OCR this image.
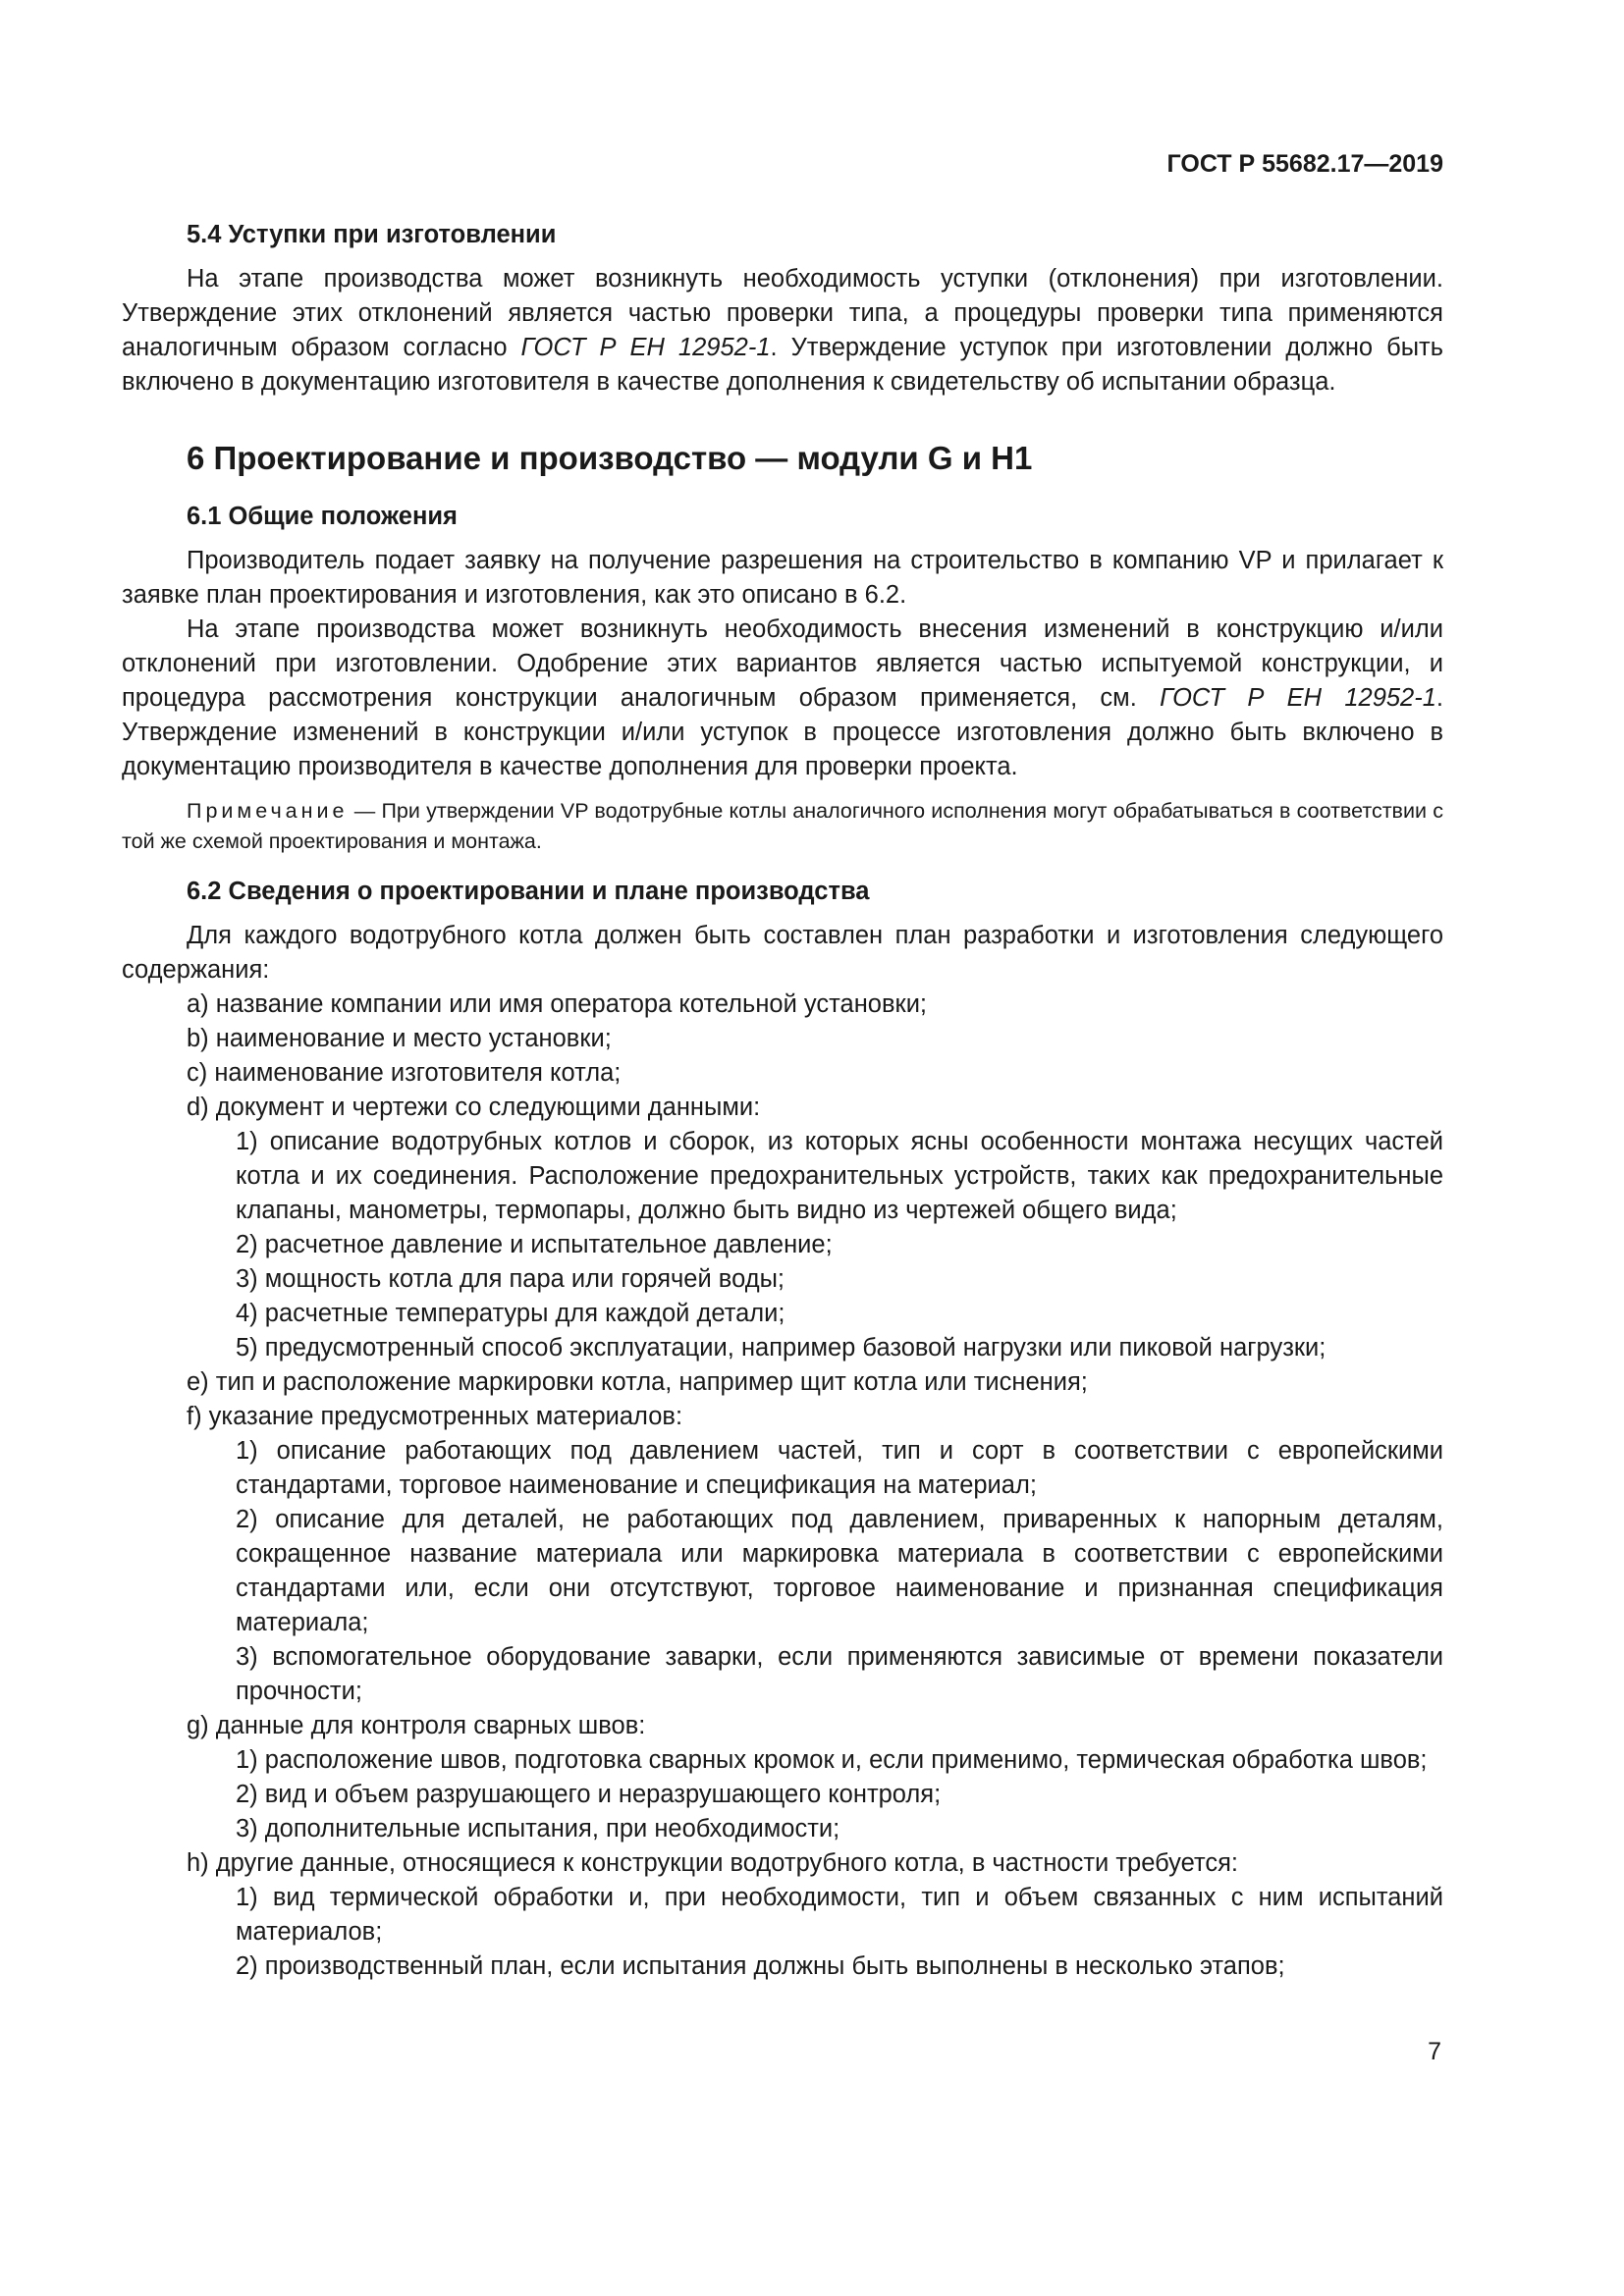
ГОСТ Р 55682.17—2019
5.4 Уступки при изготовлении

На этапе производства может возникнуть необходимость уступки (отклонения) при изготовлении. Утверждение этих отклонений является частью проверки типа, а процедуры проверки типа применяются аналогичным образом согласно ГОСТ Р ЕН 12952-1. Утверждение уступок при изготовлении должно быть включено в документацию изготовителя в качестве дополнения к свидетельству об испытании образца.

6 Проектирование и производство — модули G и H1
6.1 Общие положения

Производитель подает заявку на получение разрешения на строительство в компанию VP и прилагает к заявке план проектирования и изготовления, как это описано в 6.2.

На этапе производства может возникнуть необходимость внесения изменений в конструкцию и/или отклонений при изготовлении. Одобрение этих вариантов является частью испытуемой конструкции, и процедура рассмотрения конструкции аналогичным образом применяется, см. ГОСТ Р ЕН 12952-1. Утверждение изменений в конструкции и/или уступок в процессе изготовления должно быть включено в документацию производителя в качестве дополнения для проверки проекта.

Примечание — При утверждении VP водотрубные котлы аналогичного исполнения могут обрабатываться в соответствии с той же схемой проектирования и монтажа.

6.2 Сведения о проектировании и плане производства

Для каждого водотрубного котла должен быть составлен план разработки и изготовления следующего содержания:

a) название компании или имя оператора котельной установки;

b) наименование и место установки;

c) наименование изготовителя котла;

d) документ и чертежи со следующими данными:

1) описание водотрубных котлов и сборок, из которых ясны особенности монтажа несущих частей котла и их соединения. Расположение предохранительных устройств, таких как предохранительные клапаны, манометры, термопары, должно быть видно из чертежей общего вида;

2) расчетное давление и испытательное давление;

3) мощность котла для пара или горячей воды;

4) расчетные температуры для каждой детали;

5) предусмотренный способ эксплуатации, например базовой нагрузки или пиковой нагрузки;

e) тип и расположение маркировки котла, например щит котла или тиснения;

f) указание предусмотренных материалов:

1) описание работающих под давлением частей, тип и сорт в соответствии с европейскими стандартами, торговое наименование и спецификация на материал;

2) описание для деталей, не работающих под давлением, приваренных к напорным деталям, сокращенное название материала или маркировка материала в соответствии с европейскими стандартами или, если они отсутствуют, торговое наименование и признанная спецификация материала;

3) вспомогательное оборудование заварки, если применяются зависимые от времени показатели прочности;

g) данные для контроля сварных швов:

1) расположение швов, подготовка сварных кромок и, если применимо, термическая обработка швов;

2) вид и объем разрушающего и неразрушающего контроля;

3) дополнительные испытания, при необходимости;

h) другие данные, относящиеся к конструкции водотрубного котла, в частности требуется:

1) вид термической обработки и, при необходимости, тип и объем связанных с ним испытаний материалов;

2) производственный план, если испытания должны быть выполнены в несколько этапов;

7
